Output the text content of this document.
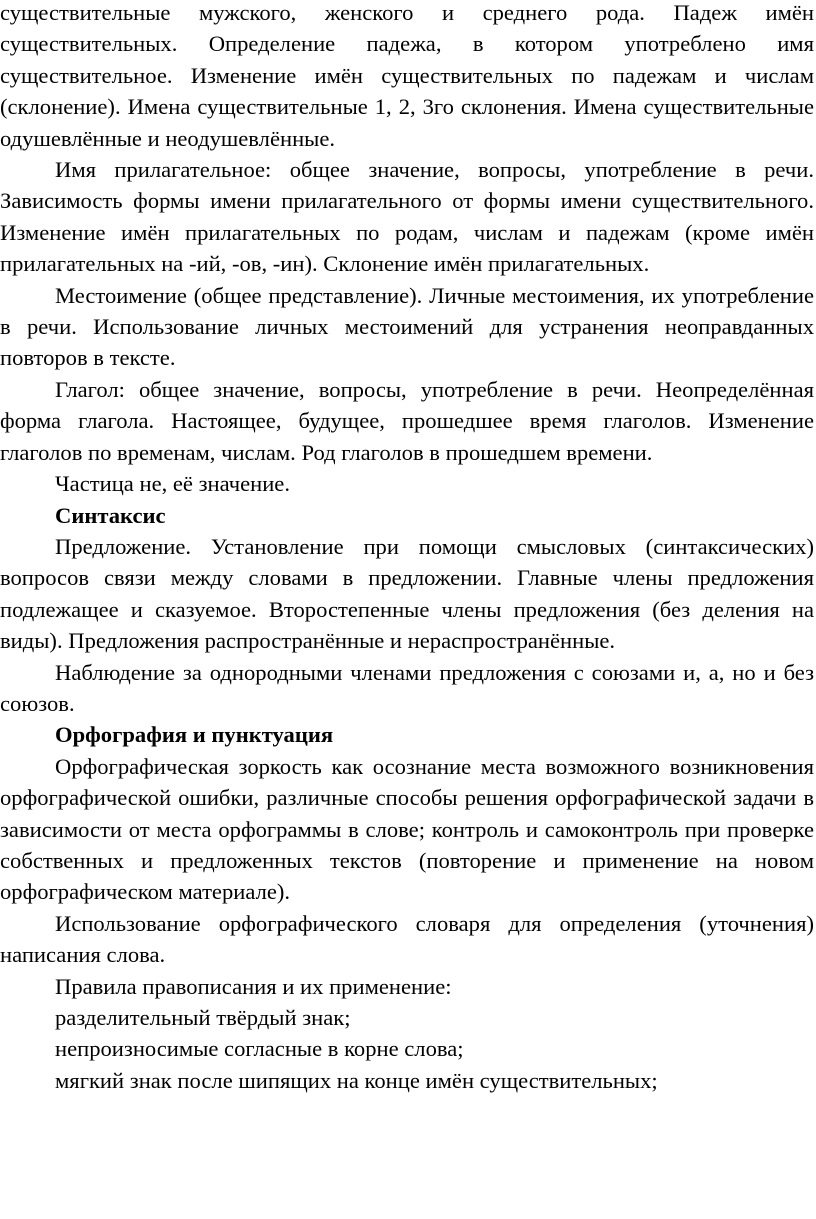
существительные мужского, женского и среднего рода. Падеж имён существительных. Определение падежа, в котором употреблено имя существительное. Изменение имён существительных по падежам и числам (склонение). Имена существительные 1, 2, 3го склонения. Имена существительные одушевлённые и неодушевлённые.

Имя прилагательное: общее значение, вопросы, употребление в речи. Зависимость формы имени прилагательного от формы имени существительного. Изменение имён прилагательных по родам, числам и падежам (кроме имён прилагательных на -ий, -ов, -ин). Склонение имён прилагательных.

Местоимение (общее представление). Личные местоимения, их употребление в речи. Использование личных местоимений для устранения неоправданных повторов в тексте.

Глагол: общее значение, вопросы, употребление в речи. Неопределённая форма глагола. Настоящее, будущее, прошедшее время глаголов. Изменение глаголов по временам, числам. Род глаголов в прошедшем времени.

Частица не, её значение.

Синтаксис

Предложение. Установление при помощи смысловых (синтаксических) вопросов связи между словами в предложении. Главные члены предложения подлежащее и сказуемое. Второстепенные члены предложения (без деления на виды). Предложения распространённые и нераспространённые.

Наблюдение за однородными членами предложения с союзами и, а, но и без союзов.

Орфография и пунктуация

Орфографическая зоркость как осознание места возможного возникновения орфографической ошибки, различные способы решения орфографической задачи в зависимости от места орфограммы в слове; контроль и самоконтроль при проверке собственных и предложенных текстов (повторение и применение на новом орфографическом материале).

Использование орфографического словаря для определения (уточнения) написания слова.

Правила правописания и их применение:

разделительный твёрдый знак;

непроизносимые согласные в корне слова;

мягкий знак после шипящих на конце имён существительных;
